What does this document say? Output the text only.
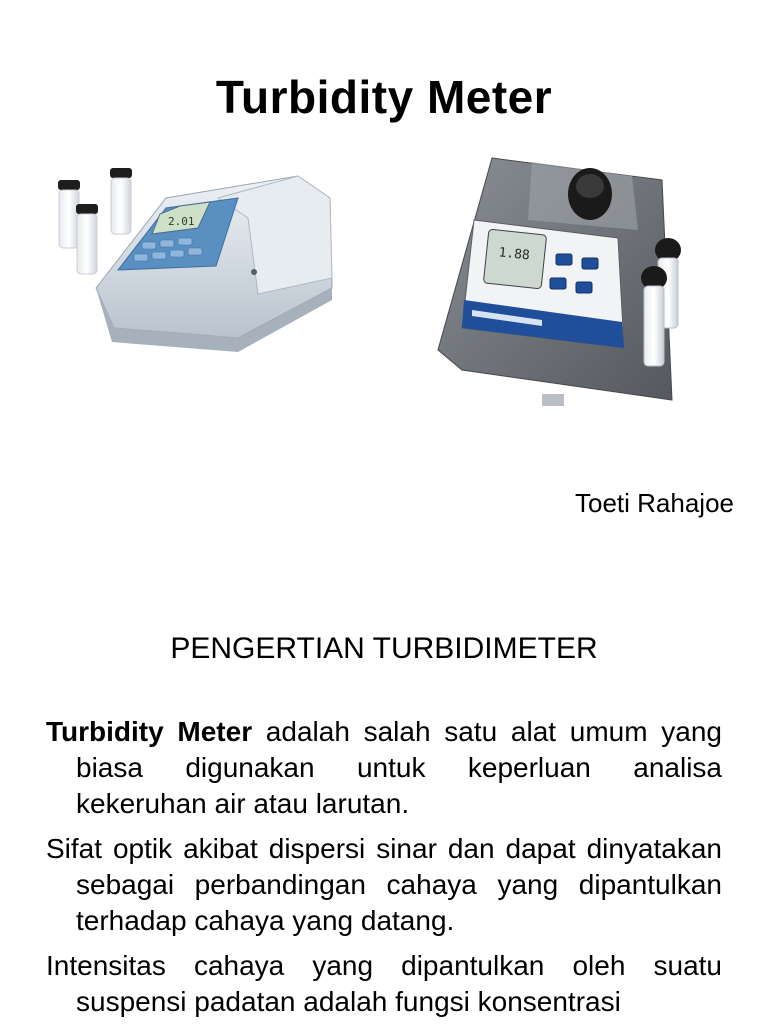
Turbidity Meter
2.01
1.88
Toeti Rahajoe
PENGERTIAN TURBIDIMETER

Turbidity Meter adalah salah satu alat umum yang biasa digunakan untuk keperluan analisa kekeruhan air atau larutan.

Sifat optik akibat dispersi sinar dan dapat dinyatakan sebagai perbandingan cahaya yang dipantulkan terhadap cahaya yang datang.

Intensitas cahaya yang dipantulkan oleh suatu suspensi padatan adalah fungsi konsentrasi
